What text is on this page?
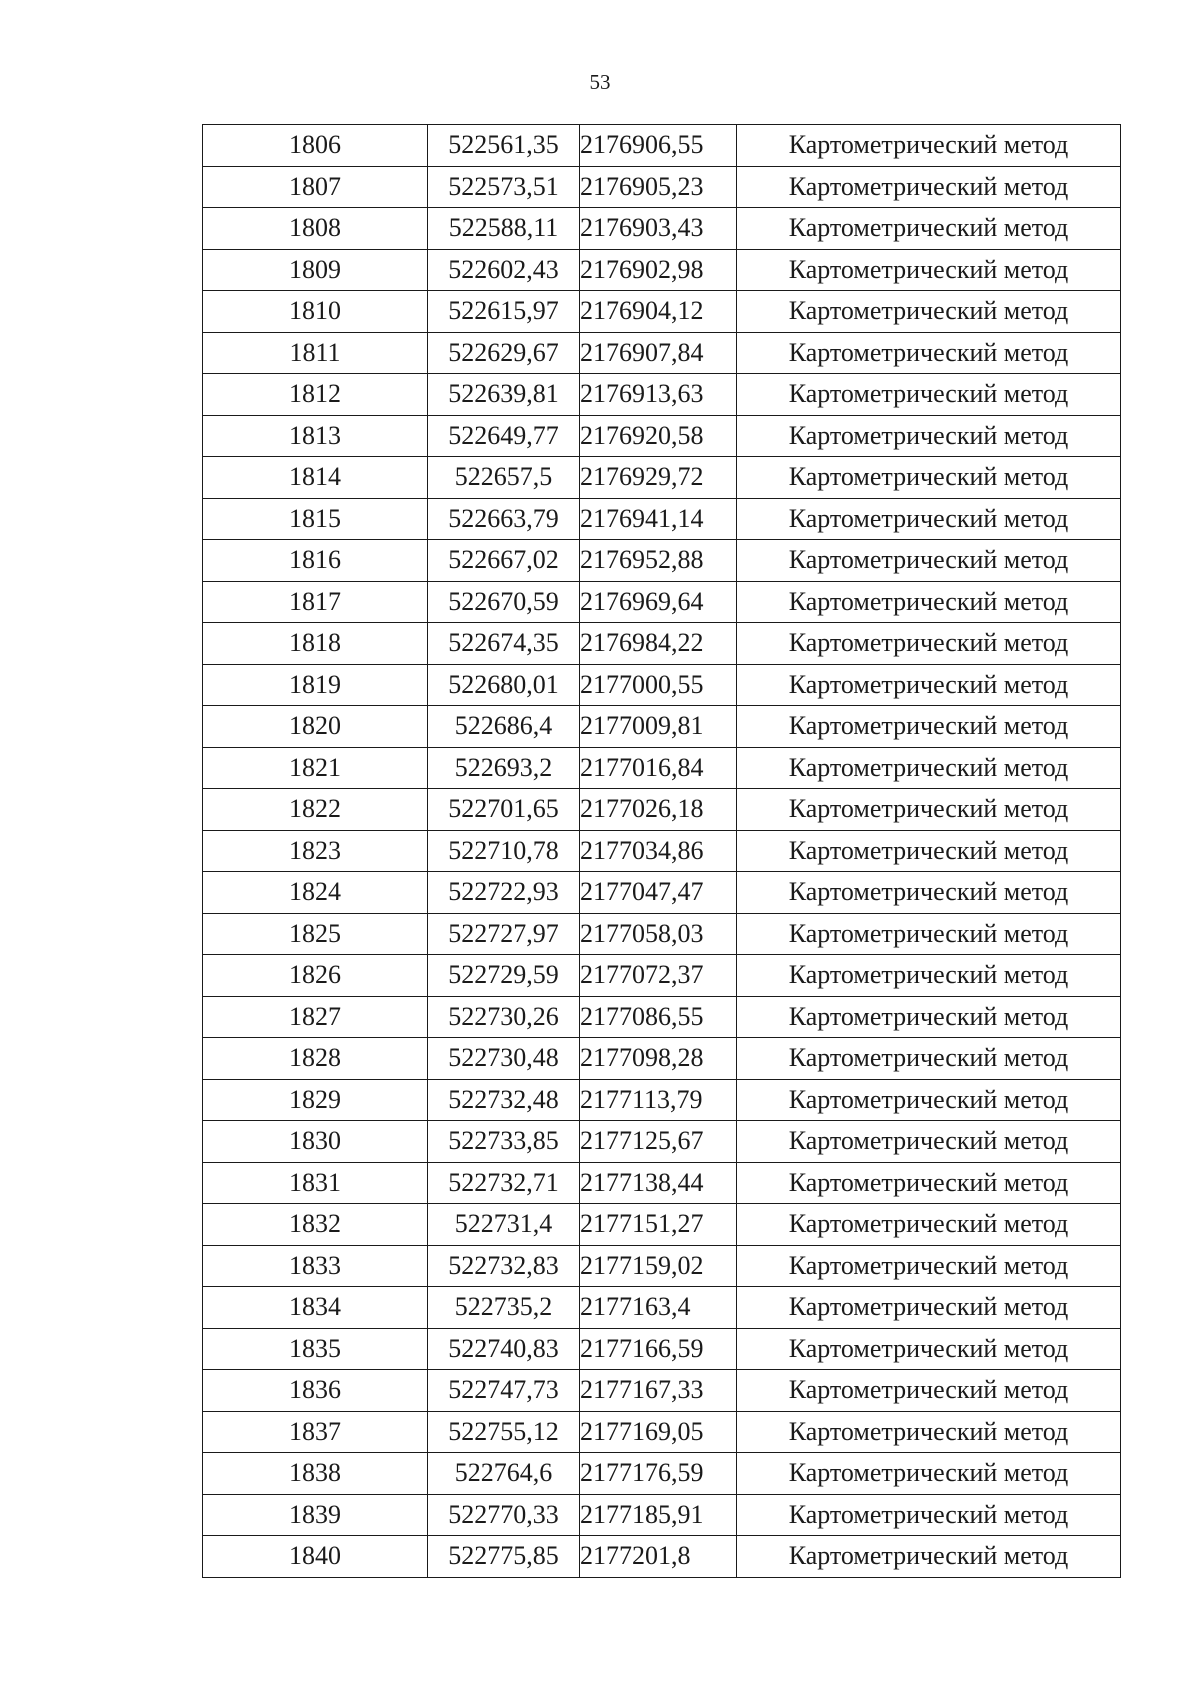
53
1806	522561,35	2176906,55	Картометрический метод
1807	522573,51	2176905,23	Картометрический метод
1808	522588,11	2176903,43	Картометрический метод
1809	522602,43	2176902,98	Картометрический метод
1810	522615,97	2176904,12	Картометрический метод
1811	522629,67	2176907,84	Картометрический метод
1812	522639,81	2176913,63	Картометрический метод
1813	522649,77	2176920,58	Картометрический метод
1814	522657,5	2176929,72	Картометрический метод
1815	522663,79	2176941,14	Картометрический метод
1816	522667,02	2176952,88	Картометрический метод
1817	522670,59	2176969,64	Картометрический метод
1818	522674,35	2176984,22	Картометрический метод
1819	522680,01	2177000,55	Картометрический метод
1820	522686,4	2177009,81	Картометрический метод
1821	522693,2	2177016,84	Картометрический метод
1822	522701,65	2177026,18	Картометрический метод
1823	522710,78	2177034,86	Картометрический метод
1824	522722,93	2177047,47	Картометрический метод
1825	522727,97	2177058,03	Картометрический метод
1826	522729,59	2177072,37	Картометрический метод
1827	522730,26	2177086,55	Картометрический метод
1828	522730,48	2177098,28	Картометрический метод
1829	522732,48	2177113,79	Картометрический метод
1830	522733,85	2177125,67	Картометрический метод
1831	522732,71	2177138,44	Картометрический метод
1832	522731,4	2177151,27	Картометрический метод
1833	522732,83	2177159,02	Картометрический метод
1834	522735,2	2177163,4	Картометрический метод
1835	522740,83	2177166,59	Картометрический метод
1836	522747,73	2177167,33	Картометрический метод
1837	522755,12	2177169,05	Картометрический метод
1838	522764,6	2177176,59	Картометрический метод
1839	522770,33	2177185,91	Картометрический метод
1840	522775,85	2177201,8	Картометрический метод
